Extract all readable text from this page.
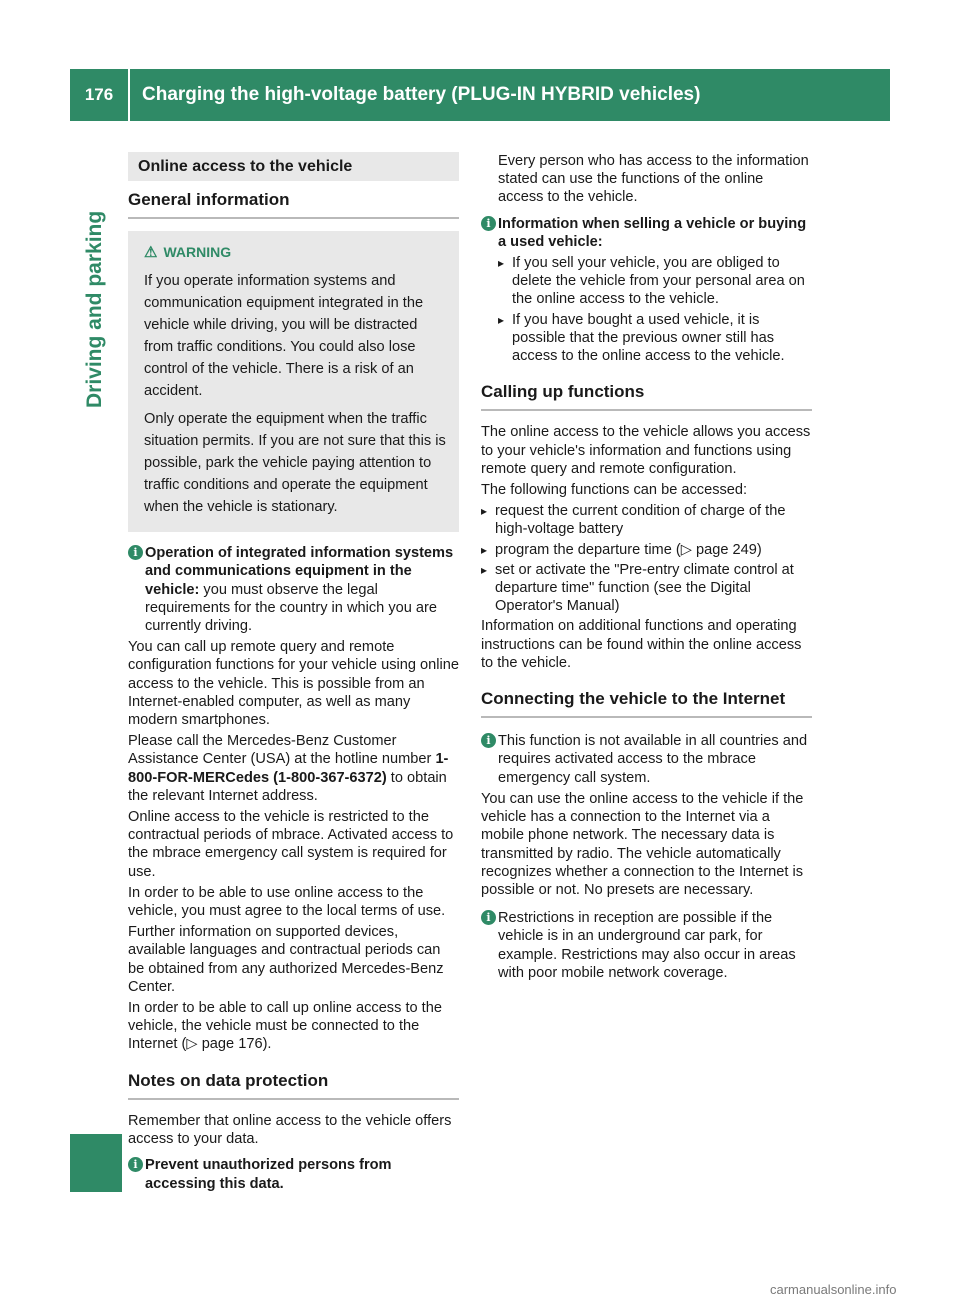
176	Charging the high-voltage battery (PLUG-IN HYBRID vehicles)
Driving and parking
Online access to the vehicle
General information
⚠ WARNING

If you operate information systems and communication equipment integrated in the vehicle while driving, you will be distracted from traffic conditions. You could also lose control of the vehicle. There is a risk of an accident.

Only operate the equipment when the traffic situation permits. If you are not sure that this is possible, park the vehicle paying attention to traffic conditions and operate the equipment when the vehicle is stationary.

i Operation of integrated information systems and communications equipment in the vehicle: you must observe the legal requirements for the country in which you are currently driving.

You can call up remote query and remote configuration functions for your vehicle using online access to the vehicle. This is possible from an Internet-enabled computer, as well as many modern smartphones.

Please call the Mercedes-Benz Customer Assistance Center (USA) at the hotline number 1-800-FOR-MERCedes (1-800-367-6372) to obtain the relevant Internet address.

Online access to the vehicle is restricted to the contractual periods of mbrace. Activated access to the mbrace emergency call system is required for use.

In order to be able to use online access to the vehicle, you must agree to the local terms of use.

Further information on supported devices, available languages and contractual periods can be obtained from any authorized Mercedes-Benz Center.

In order to be able to call up online access to the vehicle, the vehicle must be connected to the Internet (▷ page 176).

Notes on data protection

Remember that online access to the vehicle offers access to your data.

i Prevent unauthorized persons from accessing this data.

Every person who has access to the information stated can use the functions of the online access to the vehicle.

i Information when selling a vehicle or buying a used vehicle:
▸ If you sell your vehicle, you are obliged to delete the vehicle from your personal area on the online access to the vehicle.
▸ If you have bought a used vehicle, it is possible that the previous owner still has access to the online access to the vehicle.
Calling up functions

The online access to the vehicle allows you access to your vehicle's information and functions using remote query and remote configuration.

The following functions can be accessed:

▸ request the current condition of charge of the high-voltage battery
▸ program the departure time (▷ page 249)
▸ set or activate the "Pre-entry climate control at departure time" function (see the Digital Operator's Manual)

Information on additional functions and operating instructions can be found within the online access to the vehicle.

Connecting the vehicle to the Internet
i This function is not available in all countries and requires activated access to the mbrace emergency call system.

You can use the online access to the vehicle if the vehicle has a connection to the Internet via a mobile phone network. The necessary data is transmitted by radio. The vehicle automatically recognizes whether a connection to the Internet is possible or not. No presets are necessary.

i Restrictions in reception are possible if the vehicle is in an underground car park, for example. Restrictions may also occur in areas with poor mobile network coverage.
carmanualsonline.info
